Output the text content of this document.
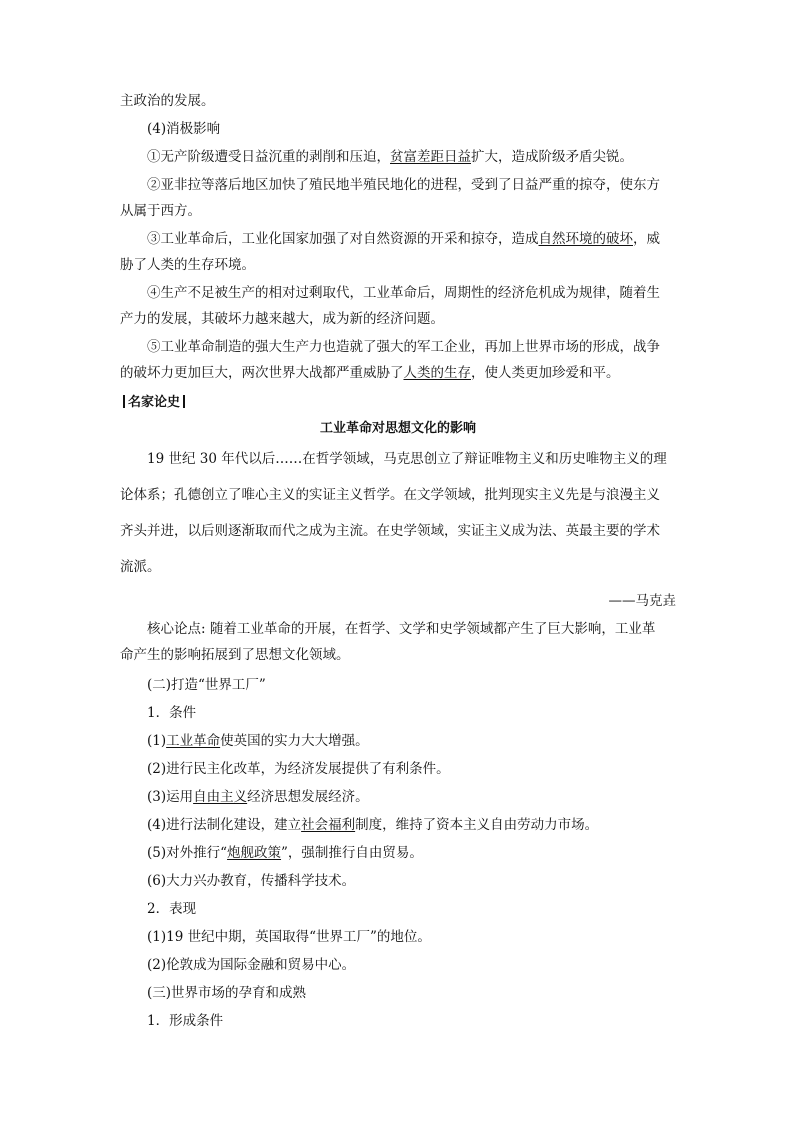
主政治的发展。
(4)消极影响
①无产阶级遭受日益沉重的剥削和压迫，贫富差距日益扩大，造成阶级矛盾尖锐。
②亚非拉等落后地区加快了殖民地半殖民地化的进程，受到了日益严重的掠夺，使东方
从属于西方。
③工业革命后，工业化国家加强了对自然资源的开采和掠夺，造成自然环境的破坏，威
胁了人类的生存环境。
④生产不足被生产的相对过剩取代，工业革命后，周期性的经济危机成为规律，随着生
产力的发展，其破坏力越来越大，成为新的经济问题。
⑤工业革命制造的强大生产力也造就了强大的军工企业，再加上世界市场的形成，战争
的破坏力更加巨大，两次世界大战都严重威胁了人类的生存，使人类更加珍爱和平。
名家论史
工业革命对思想文化的影响
19 世纪 30 年代以后……在哲学领域，马克思创立了辩证唯物主义和历史唯物主义的理
论体系；孔德创立了唯心主义的实证主义哲学。在文学领域，批判现实主义先是与浪漫主义
齐头并进，以后则逐渐取而代之成为主流。在史学领域，实证主义成为法、英最主要的学术
流派。
——马克垚
核心论点: 随着工业革命的开展，在哲学、文学和史学领域都产生了巨大影响，工业革
命产生的影响拓展到了思想文化领域。
(二)打造“世界工厂”
1．条件
(1)工业革命使英国的实力大大增强。
(2)进行民主化改革，为经济发展提供了有利条件。
(3)运用自由主义经济思想发展经济。
(4)进行法制化建设，建立社会福利制度，维持了资本主义自由劳动力市场。
(5)对外推行“炮舰政策”，强制推行自由贸易。
(6)大力兴办教育，传播科学技术。
2．表现
(1)19 世纪中期，英国取得“世界工厂”的地位。
(2)伦敦成为国际金融和贸易中心。
(三)世界市场的孕育和成熟
1．形成条件
